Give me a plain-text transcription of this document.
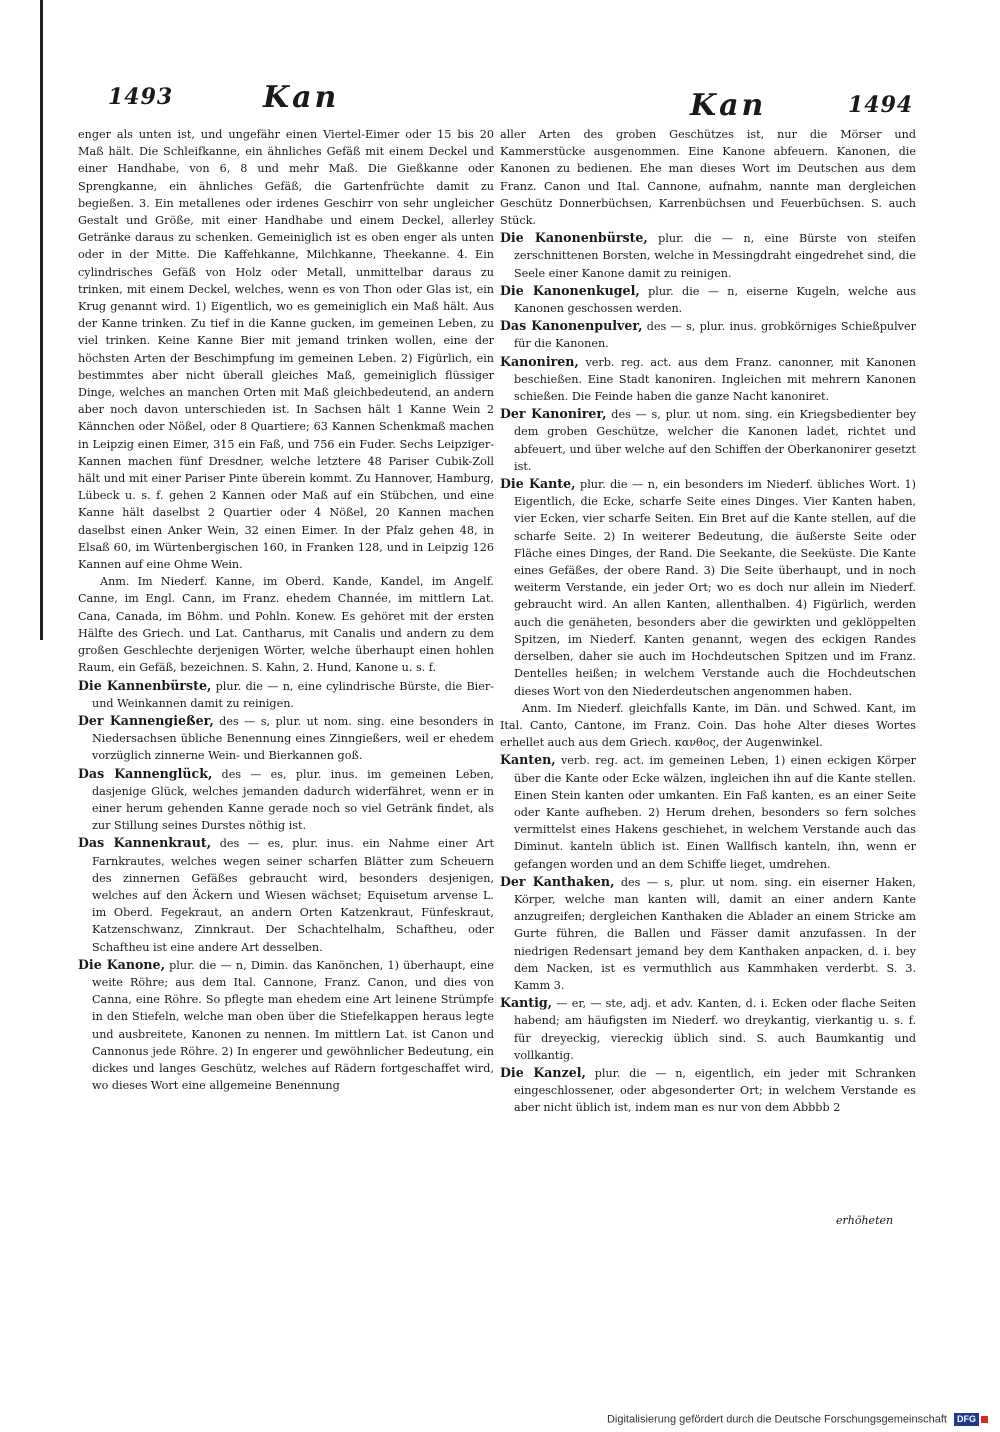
1493	Kan	Kan	1494

enger als unten ist, und ungefähr einen Viertel-Eimer oder 15 bis 20 Maß hält. Die Schleifkanne, ein ähnliches Gefäß mit einem Deckel und einer Handhabe, von 6, 8 und mehr Maß. Die Gießkanne oder Sprengkanne, ein ähnliches Gefäß, die Gartenfrüchte damit zu begießen. 3. Ein metallenes oder irdenes Geschirr von sehr ungleicher Gestalt und Größe, mit einer Handhabe und einem Deckel, allerley Getränke daraus zu schenken. Gemeiniglich ist es oben enger als unten oder in der Mitte. Die Kaffehkanne, Milchkanne, Theekanne. 4. Ein cylindrisches Gefäß von Holz oder Metall, unmittelbar daraus zu trinken, mit einem Deckel, welches, wenn es von Thon oder Glas ist, ein Krug genannt wird. 1) Eigentlich, wo es gemeiniglich ein Maß hält. Aus der Kanne trinken. Zu tief in die Kanne gucken, im gemeinen Leben, zu viel trinken. Keine Kanne Bier mit jemand trinken wollen, eine der höchsten Arten der Beschimpfung im gemeinen Leben. 2) Figürlich, ein bestimmtes aber nicht überall gleiches Maß, gemeiniglich flüssiger Dinge, welches an manchen Orten mit Maß gleichbedeutend, an andern aber noch davon unterschieden ist. In Sachsen hält 1 Kanne Wein 2 Kännchen oder Nößel, oder 8 Quartiere; 63 Kannen Schenkmaß machen in Leipzig einen Eimer, 315 ein Faß, und 756 ein Fuder. Sechs Leipziger-Kannen machen fünf Dresdner, welche letztere 48 Pariser Cubik-Zoll hält und mit einer Pariser Pinte überein kommt. Zu Hannover, Hamburg, Lübeck u. s. f. gehen 2 Kannen oder Maß auf ein Stübchen, und eine Kanne hält daselbst 2 Quartier oder 4 Nößel, 20 Kannen machen daselbst einen Anker Wein, 32 einen Eimer. In der Pfalz gehen 48, in Elsaß 60, im Würtenbergischen 160, in Franken 128, und in Leipzig 126 Kannen auf eine Ohme Wein.

Anm. Im Niederf. Kanne, im Oberd. Kande, Kandel, im Angelf. Canne, im Engl. Cann, im Franz. ehedem Channée, im mittlern Lat. Cana, Canada, im Böhm. und Pohln. Konew. Es gehöret mit der ersten Hälfte des Griech. und Lat. Cantharus, mit Canalis und andern zu dem großen Geschlechte derjenigen Wörter, welche überhaupt einen hohlen Raum, ein Gefäß, bezeichnen. S. Kahn, 2. Hund, Kanone u. s. f.

Die Kannenbürste, plur. die — n, eine cylindrische Bürste, die Bier- und Weinkannen damit zu reinigen.

Der Kannengießer, des — s, plur. ut nom. sing. eine besonders in Niedersachsen übliche Benennung eines Zinngießers, weil er ehedem vorzüglich zinnerne Wein- und Bierkannen goß.

Das Kannenglück, des — es, plur. inus. im gemeinen Leben, dasjenige Glück, welches jemanden dadurch widerfähret, wenn er in einer herum gehenden Kanne gerade noch so viel Getränk findet, als zur Stillung seines Durstes nöthig ist.

Das Kannenkraut, des — es, plur. inus. ein Nahme einer Art Farnkrautes, welches wegen seiner scharfen Blätter zum Scheuern des zinnernen Gefäßes gebraucht wird, besonders desjenigen, welches auf den Äckern und Wiesen wächset; Equisetum arvense L. im Oberd. Fegekraut, an andern Orten Katzenkraut, Fünfeskraut, Katzenschwanz, Zinnkraut. Der Schachtelhalm, Schaftheu, oder Schaftheu ist eine andere Art desselben.

Die Kanone, plur. die — n, Dimin. das Kanönchen, 1) überhaupt, eine weite Röhre; aus dem Ital. Cannone, Franz. Canon, und dies von Canna, eine Röhre. So pflegte man ehedem eine Art leinene Strümpfe in den Stiefeln, welche man oben über die Stiefelkappen heraus legte und ausbreitete, Kanonen zu nennen. Im mittlern Lat. ist Canon und Cannonus jede Röhre. 2) In engerer und gewöhnlicher Bedeutung, ein dickes und langes Geschütz, welches auf Rädern fortgeschaffet wird, wo dieses Wort eine allgemeine Benennung

aller Arten des groben Geschützes ist, nur die Mörser und Kammerstücke ausgenommen. Eine Kanone abfeuern. Kanonen, die Kanonen zu bedienen. Ehe man dieses Wort im Deutschen aus dem Franz. Canon und Ital. Cannone, aufnahm, nannte man dergleichen Geschütz Donnerbüchsen, Karrenbüchsen und Feuerbüchsen. S. auch Stück.

Die Kanonenbürste, plur. die — n, eine Bürste von steifen zerschnittenen Borsten, welche in Messingdraht eingedrehet sind, die Seele einer Kanone damit zu reinigen.

Die Kanonenkugel, plur. die — n, eiserne Kugeln, welche aus Kanonen geschossen werden.

Das Kanonenpulver, des — s, plur. inus. grobkörniges Schießpulver für die Kanonen.

Kanoniren, verb. reg. act. aus dem Franz. canonner, mit Kanonen beschießen. Eine Stadt kanoniren. Ingleichen mit mehrern Kanonen schießen. Die Feinde haben die ganze Nacht kanoniret.

Der Kanonirer, des — s, plur. ut nom. sing. ein Kriegsbedienter bey dem groben Geschütze, welcher die Kanonen ladet, richtet und abfeuert, und über welche auf den Schiffen der Oberkanonirer gesetzt ist.

Die Kante, plur. die — n, ein besonders im Niederf. übliches Wort. 1) Eigentlich, die Ecke, scharfe Seite eines Dinges. Vier Kanten haben, vier Ecken, vier scharfe Seiten. Ein Bret auf die Kante stellen, auf die scharfe Seite. 2) In weiterer Bedeutung, die äußerste Seite oder Fläche eines Dinges, der Rand. Die Seekante, die Seeküste. Die Kante eines Gefäßes, der obere Rand. 3) Die Seite überhaupt, und in noch weiterm Verstande, ein jeder Ort; wo es doch nur allein im Niederf. gebraucht wird. An allen Kanten, allenthalben. 4) Figürlich, werden auch die genäheten, besonders aber die gewirkten und geklöppelten Spitzen, im Niederf. Kanten genannt, wegen des eckigen Randes derselben, daher sie auch im Hochdeutschen Spitzen und im Franz. Dentelles heißen; in welchem Verstande auch die Hochdeutschen dieses Wort von den Niederdeutschen angenommen haben.

Anm. Im Niederf. gleichfalls Kante, im Dän. und Schwed. Kant, im Ital. Canto, Cantone, im Franz. Coin. Das hohe Alter dieses Wortes erhellet auch aus dem Griech. κανθος, der Augenwinkel.

Kanten, verb. reg. act. im gemeinen Leben, 1) einen eckigen Körper über die Kante oder Ecke wälzen, ingleichen ihn auf die Kante stellen. Einen Stein kanten oder umkanten. Ein Faß kanten, es an einer Seite oder Kante aufheben. 2) Herum drehen, besonders so fern solches vermittelst eines Hakens geschiehet, in welchem Verstande auch das Diminut. kanteln üblich ist. Einen Wallfisch kanteln, ihn, wenn er gefangen worden und an dem Schiffe lieget, umdrehen.

Der Kanthaken, des — s, plur. ut nom. sing. ein eiserner Haken, Körper, welche man kanten will, damit an einer andern Kante anzugreifen; dergleichen Kanthaken die Ablader an einem Stricke am Gurte führen, die Ballen und Fässer damit anzufassen. In der niedrigen Redensart jemand bey dem Kanthaken anpacken, d. i. bey dem Nacken, ist es vermuthlich aus Kammhaken verderbt. S. 3. Kamm 3.

Kantig, — er, — ste, adj. et adv. Kanten, d. i. Ecken oder flache Seiten habend; am häufigsten im Niederf. wo dreykantig, vierkantig u. s. f. für dreyeckig, viereckig üblich sind. S. auch Baumkantig und vollkantig.

Die Kanzel, plur. die — n, eigentlich, ein jeder mit Schranken eingeschlossener, oder abgesonderter Ort; in welchem Verstande es aber nicht üblich ist, indem man es nur von dem Abbbb 2

erhöheten
Digitalisierung gefördert durch die Deutsche Forschungsgemeinschaft DFG
